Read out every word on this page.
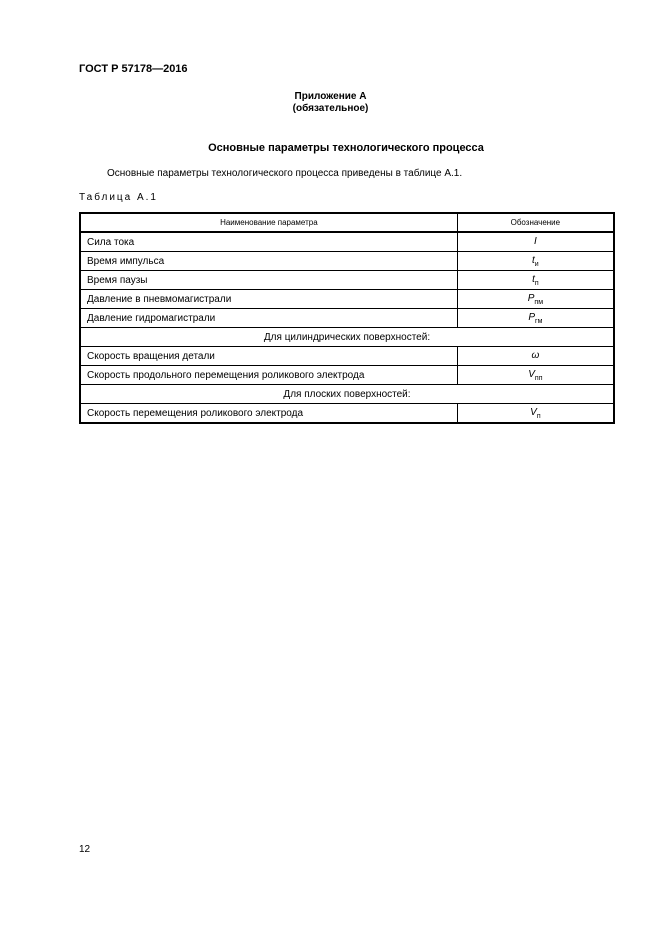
ГОСТ Р 57178—2016
Приложение А
(обязательное)
Основные параметры технологического процесса
Основные параметры технологического процесса приведены в таблице А.1.
Таблица А.1
Наименование параметра	Обозначение
Сила тока	I
Время импульса	$t_и$
Время паузы	$t_п$
Давление в пневмомагистрали	$P_{пм}$
Давление гидромагистрали	$P_{гм}$
Для цилиндрических поверхностей:	
Скорость вращения детали	ω
Скорость продольного перемещения роликового электрода	$V_{пп}$
Для плоских поверхностей:	
Скорость перемещения роликового электрода	$V_п$
12
